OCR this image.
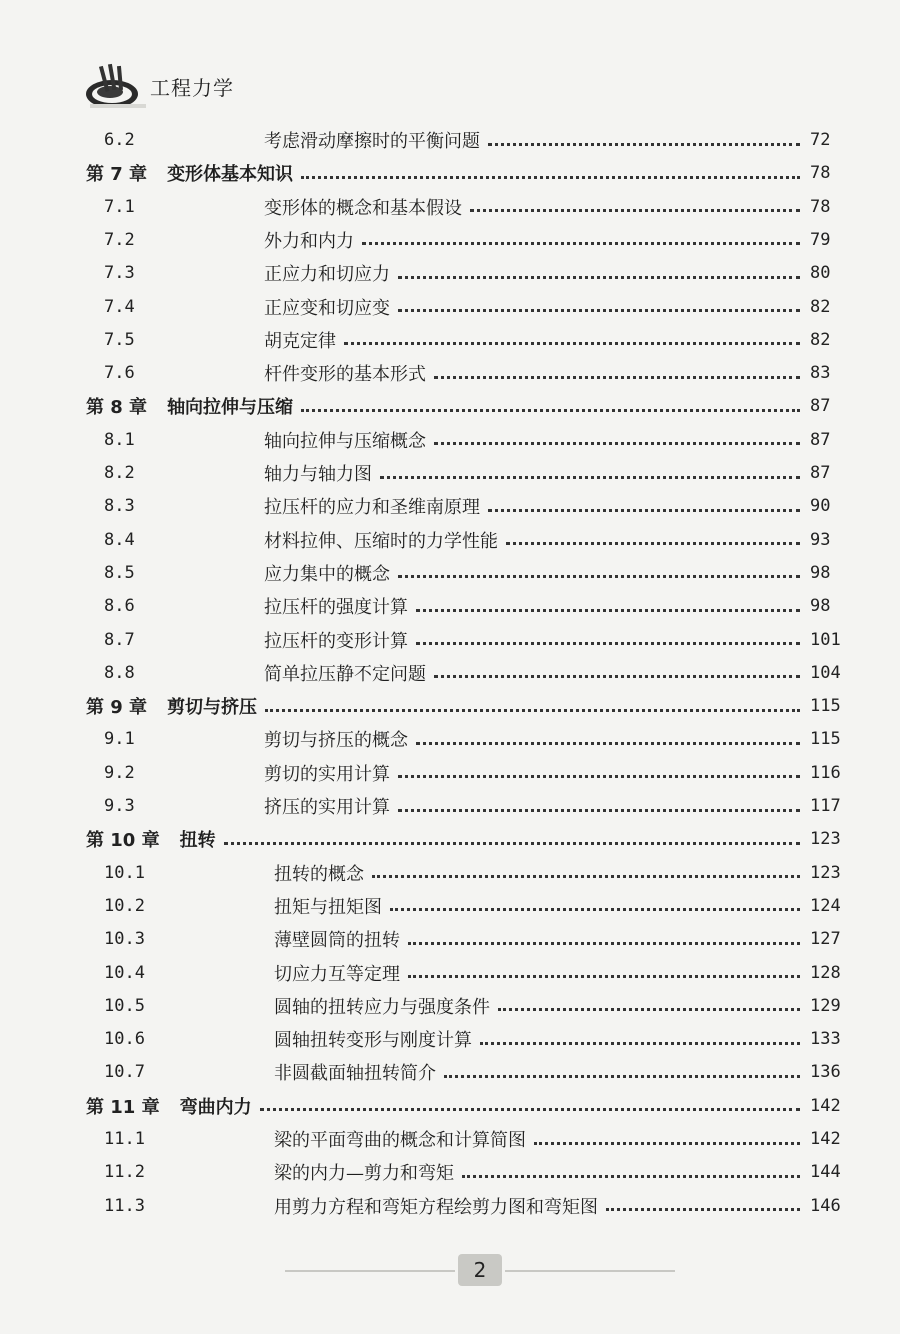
工程力学
6.2	考虑滑动摩擦时的平衡问题	72
第 7 章 变形体基本知识	78
7.1	变形体的概念和基本假设	78
7.2	外力和内力	79
7.3	正应力和切应力	80
7.4	正应变和切应变	82
7.5	胡克定律	82
7.6	杆件变形的基本形式	83
第 8 章 轴向拉伸与压缩	87
8.1	轴向拉伸与压缩概念	87
8.2	轴力与轴力图	87
8.3	拉压杆的应力和圣维南原理	90
8.4	材料拉伸、压缩时的力学性能	93
8.5	应力集中的概念	98
8.6	拉压杆的强度计算	98
8.7	拉压杆的变形计算	101
8.8	简单拉压静不定问题	104
第 9 章 剪切与挤压	115
9.1	剪切与挤压的概念	115
9.2	剪切的实用计算	116
9.3	挤压的实用计算	117
第 10 章 扭转	123
10.1	扭转的概念	123
10.2	扭矩与扭矩图	124
10.3	薄壁圆筒的扭转	127
10.4	切应力互等定理	128
10.5	圆轴的扭转应力与强度条件	129
10.6	圆轴扭转变形与刚度计算	133
10.7	非圆截面轴扭转简介	136
第 11 章 弯曲内力	142
11.1	梁的平面弯曲的概念和计算简图	142
11.2	梁的内力—剪力和弯矩	144
11.3	用剪力方程和弯矩方程绘剪力图和弯矩图	146
2
